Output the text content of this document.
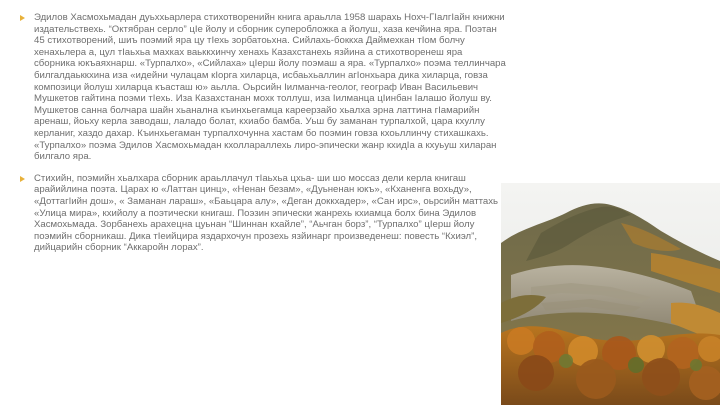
Эдилов Хасмохьмадан дуьххьарлера стихотворенийн книга араьлла 1958 шарахь Нохч-ГIалгIайн книжни издательствехь. “Октябран серло” цIе йолу и сборник суперобложка а йолуш, хаза кечйина яра. Поэтан 45 стихотворений, шиъ поэмий яра цу тIехь зорбатоьхна. Сийлахь-боккха Даймехкан тIом болчу хенахьлера а, цул тIаьхьа махках ваьккхинчу хенахь Казахстанехь язйина а стихотворенеш яра сборника юкъаяхнарш. «Турпалхо», «Сийлаха» цIерш йолу поэмаш а яра. «Турпалхо» поэма теллинчара билгалдаьккхина иза «идейни чулацам кIорга хиларца, исбаьхьаллин агIонхьара дика хиларца, говза композици йолуш хиларца къасташ ю» аьлла. Оьрсийн Iилманча-геолог, географ Иван Васильевич Мушкетов гайтина поэми тIехь. Иза Казахстанан мохк толлуш, иза Iилманца цIинбан Iалашо йолуш ву. Мушкетов санна болчара шайн хьанална къинхьегамца кареерзайо хьалха эрна латтина гIамарийн аренаш, йоьху керла заводаш, лаладо болат, кхиабо бамба. Уьш бу заманан турпалхой, цара кхуллу керланиг, хаздо дахар. Къинхьегаман турпалхочунна хастам бо поэмин говза кхоьллинчу стихашкахь. «Турпалхо» поэма Эдилов Хасмохьмадан кхоллараллехь лиро-эпически жанр кхидIа а кхуьуш хиларан билгало яра.
Стихийн, поэмийн хьалхара сборник араьллачул тIаьхьа цхьа- ши шо моссаз дели керла книгаш арайийлина поэта. Царах ю «Латтан цинц», «Ненан безам», «Дуьненан юкъ», «Кханенга вохьду», «ДоттагIийн дош», « Заманан лараш», «Баьцара алу», «Деган доккхадер», «Сан ирс», оьрсийн маттахь «Улица мира», кхийолу а поэтически книгаш. Поэзин эпически жанрехь кхиамца болх бина Эдилов Хасмохьмада. Зорбанехь арахецна цуьнан “Шиннан кхайле”, “Аьчган борз”, “Турпалхо” цIерш йолу поэмийн сборникаш. Дика тIеийцира яздархочун прозехь язйинарг произведенеш: повесть “Кхиэл”, дийцарийн сборник “Аккаройн лорах”.
